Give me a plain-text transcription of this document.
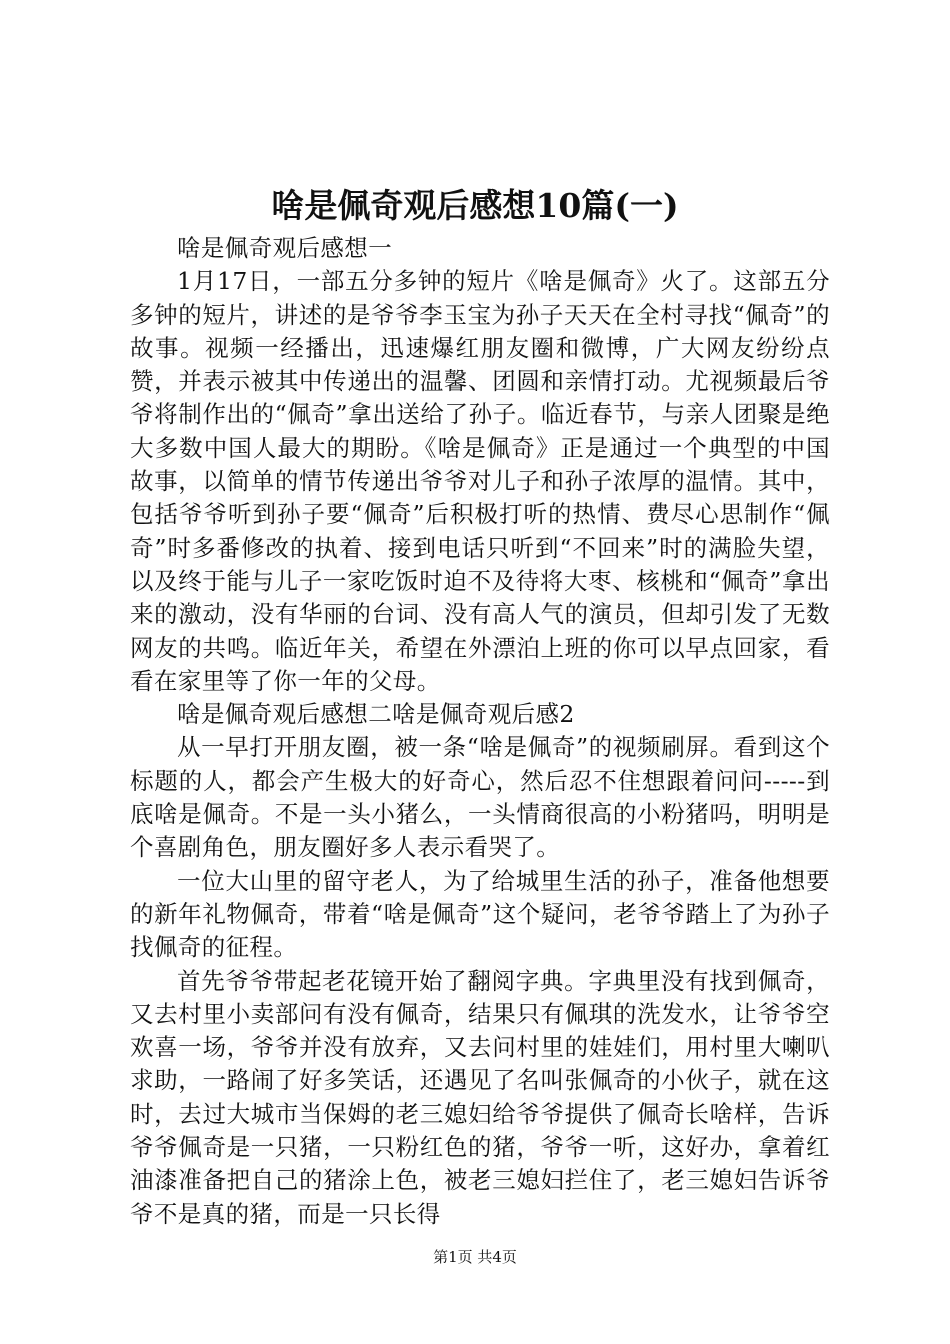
啥是佩奇观后感想10篇(一)

啥是佩奇观后感想一

1月17日，一部五分多钟的短片《啥是佩奇》火了。这部五分多钟的短片，讲述的是爷爷李玉宝为孙子天天在全村寻找“佩奇”的故事。视频一经播出，迅速爆红朋友圈和微博，广大网友纷纷点赞，并表示被其中传递出的温馨、团圆和亲情打动。尤视频最后爷爷将制作出的“佩奇”拿出送给了孙子。临近春节，与亲人团聚是绝大多数中国人最大的期盼。《啥是佩奇》正是通过一个典型的中国故事，以简单的情节传递出爷爷对儿子和孙子浓厚的温情。其中，包括爷爷听到孙子要“佩奇”后积极打听的热情、费尽心思制作“佩奇”时多番修改的执着、接到电话只听到“不回来”时的满脸失望，以及终于能与儿子一家吃饭时迫不及待将大枣、核桃和“佩奇”拿出来的激动，没有华丽的台词、没有高人气的演员，但却引发了无数网友的共鸣。临近年关，希望在外漂泊上班的你可以早点回家，看看在家里等了你一年的父母。

啥是佩奇观后感想二啥是佩奇观后感2

从一早打开朋友圈，被一条“啥是佩奇”的视频刷屏。看到这个标题的人，都会产生极大的好奇心，然后忍不住想跟着问问-----到底啥是佩奇。不是一头小猪么，一头情商很高的小粉猪吗，明明是个喜剧角色，朋友圈好多人表示看哭了。

一位大山里的留守老人，为了给城里生活的孙子，准备他想要的新年礼物佩奇，带着“啥是佩奇”这个疑问，老爷爷踏上了为孙子找佩奇的征程。

首先爷爷带起老花镜开始了翻阅字典。字典里没有找到佩奇，又去村里小卖部问有没有佩奇，结果只有佩琪的洗发水，让爷爷空欢喜一场，爷爷并没有放弃，又去问村里的娃娃们，用村里大喇叭求助，一路闹了好多笑话，还遇见了名叫张佩奇的小伙子，就在这时，去过大城市当保姆的老三媳妇给爷爷提供了佩奇长啥样，告诉爷爷佩奇是一只猪，一只粉红色的猪，爷爷一听，这好办，拿着红油漆准备把自己的猪涂上色，被老三媳妇拦住了，老三媳妇告诉爷爷不是真的猪，而是一只长得

第1页 共4页
